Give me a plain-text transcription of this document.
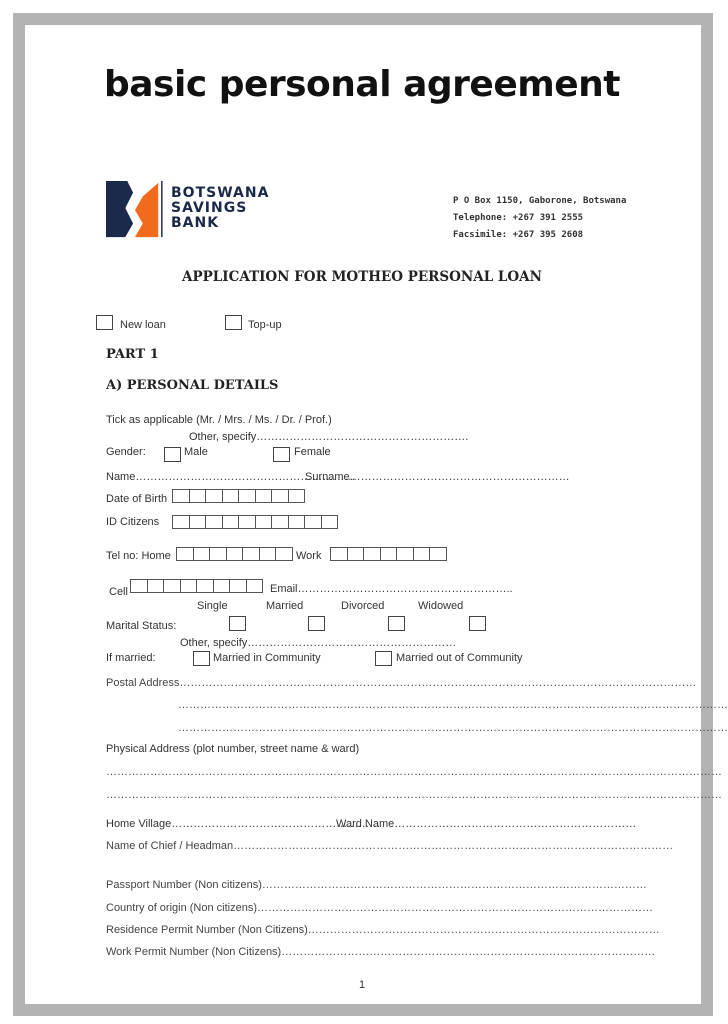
basic personal agreement
BOTSWANA
SAVINGS
BANK
P O Box 1150, Gaborone, Botswana
Telephone: +267 391 2555
Facsimile: +267 395 2608
APPLICATION FOR MOTHEO PERSONAL LOAN
New loan	Top-up
PART 1
A) PERSONAL DETAILS
Tick as applicable (Mr. / Mrs. / Ms. / Dr. / Prof.)
Other, specify………………………………………………….
Gender:	Male	Female
Name……………………………………………………
Surname……………………………………………………
Date of Birth
ID Citizens
Tel no: Home	Work
Cell	Email…………………………………………………..
Single	Married	Divorced	Widowed
Marital Status:
Other, specify…………………………………………………
If married:	Married in Community	Married out of Community
Postal Address……………………………………………………………………………………………………………………………
……………………………………………………………………………………………………………………………………
……………………………………………………………………………………………………………………………………
Physical Address (plot number, street name & ward)
……………………………………………………………………………………………………………………………………………………
……………………………………………………………………………………………………………………………………………………
Home Village…………………………………………………
Ward Name…………………………………………………………
Name of Chief / Headman…………………………………………………………………………………………………………
Passport Number (Non citizens)……………………………………………………………………………………………
Country of origin (Non citizens)………………………………………………………………………………………………
Residence Permit Number (Non Citizens)……………………………………………………………………………………
Work Permit Number (Non Citizens)…………………………………………………………………………………………
1
